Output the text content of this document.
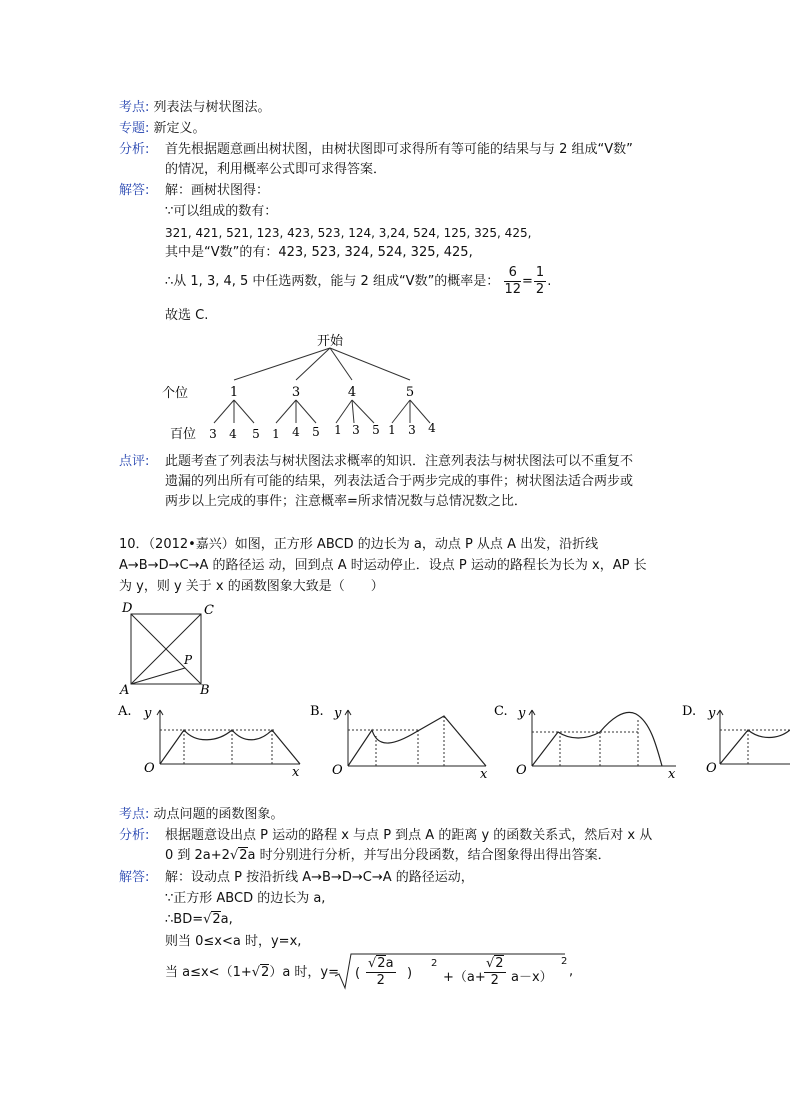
考点: 列表法与树状图法。
专题: 新定义。
分析: 首先根据题意画出树状图，由树状图即可求得所有等可能的结果与与 2 组成“V数”
的情况，利用概率公式即可求得答案．
解答: 解：画树状图得：
∵可以组成的数有：
321, 421, 521, 123, 423, 523, 124, 3,24, 524, 125, 325, 425,
其中是“V数”的有：423, 523, 324, 524, 325, 425,
∴从 1, 3, 4, 5 中任选两数，能与 2 组成“V数”的概率是： $\frac{6}{12} = \frac{1}{2}$ .
故选 C.
开始
个位
百位
1	3	4	5
3 4 5 1 4 5 1 3 5 1 3 4
点评: 此题考查了列表法与树状图法求概率的知识．注意列表法与树状图法可以不重复不
遗漏的列出所有可能的结果，列表法适合于两步完成的事件；树状图法适合两步或
两步以上完成的事件；注意概率=所求情况数与总情况数之比．
10．（2012•嘉兴）如图，正方形 ABCD 的边长为 a，动点 P 从点 A 出发，沿折线
A→B→D→C→A 的路径运 动，回到点 A 时运动停止．设点 P 运动的路程长为长为 x，AP 长
为 y，则 y 关于 x 的函数图象大致是（　　）
D	C
A	B
P
A. y
O	x
B. y
O	x
C. y
O	x
D. y
O
考点: 动点问题的函数图象。
分析: 根据题意设出点 P 运动的路程 x 与点 P 到点 A 的距离 y 的函数关系式，然后对 x 从
0 到 2a+2√2a 时分别进行分析，并写出分段函数，结合图象得出得出答案．
解答: 解：设动点 P 按沿折线 A→B→D→C→A 的路径运动，
∵正方形 ABCD 的边长为 a,
∴BD=√2a,
则当 0≤x<a 时，y=x,
当 a≤x<（1+√2）a 时，y= ( $\frac{√2a}{2}$ )
2
+（a+
$\frac{√2}{2} a-x$）
2
,
